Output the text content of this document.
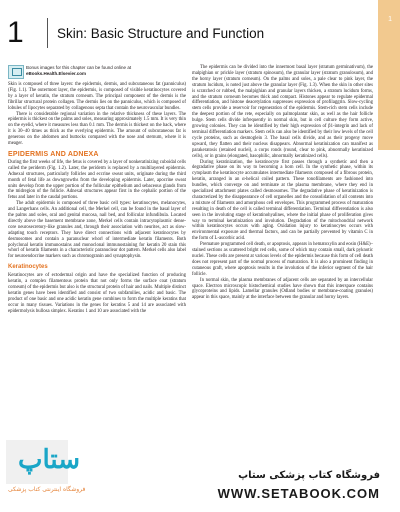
1 Skin: Basic Structure and Function
1
Bonus images for this chapter can be found online at
eBooks.Health.Elsevier.com

Skin is composed of three layers: the epidermis, dermis, and subcutaneous fat (panniculus) (Fig. 1.1). The outermost layer, the epidermis, is composed of visible keratinocytes covered by a layer of keratin, the stratum corneum. The principal component of the dermis is the fibrillar structural protein collagen. The dermis lies on the panniculus, which is composed of lobules of lipocytes separated by collagenous septa that contain the neurovascular bundles.

There is considerable regional variation in the relative thickness of these layers. The epidermis is thickest on the palms and soles, measuring approximately 1.5 mm. It is very thin on the eyelid, where it measures less than 0.1 mm. The dermis is thickest on the back, where it is 30–40 times as thick as the overlying epidermis. The amount of subcutaneous fat is generous on the abdomen and buttocks compared with the nose and sternum, where it is meager.

EPIDERMIS AND ADNEXA

During the first weeks of life, the fetus is covered by a layer of nonkeratinizing cuboidal cells called the periderm (Fig. 1.2). Later, the periderm is replaced by a multilayered epidermis. Adnexal structures, particularly follicles and eccrine sweat units, originate during the third month of fetal life as downgrowths from the developing epidermis. Later, apocrine sweat units develop from the upper portion of the follicular epithelium and sebaceous glands from the midregion of the follicle. Adnexal structures appear first in the cephalic portion of the fetus and later in the caudal portions.

The adult epidermis is composed of three basic cell types: keratinocytes, melanocytes, and Langerhans cells. An additional cell, the Merkel cell, can be found in the basal layer of the palms and soles, oral and genital mucosa, nail bed, and follicular infundibula. Located directly above the basement membrane zone, Merkel cells contain intracytoplasmic dense-core neurosecretory-like granules and, through their association with neurites, act as slow-adapting touch receptors. They have direct connections with adjacent keratinocytes by desmosomes and contain a paranuclear whorl of intermediate keratin filaments. Both polyclonal keratin immunostains and monoclonal immunostaining for keratin 20 stain this whorl of keratin filaments in a characteristic paranuclear dot pattern. Merkel cells also label for neuroendocrine markers such as chromogranin and synaptophysin.

Keratinocytes

Keratinocytes are of ectodermal origin and have the specialized function of producing keratin, a complex filamentous protein that not only forms the surface coat (stratum corneum) of the epidermis but also is the structural protein of hair and nails. Multiple distinct keratin genes have been identified and consist of two subfamilies, acidic and basic. The product of one basic and one acidic keratin gene combines to form the multiple keratins that occur in many tissues. Variations in the genes for keratins 5 and 14 are associated with epidermolysis bullosa simplex. Keratins 1 and 10 are associated with the

The epidermis can be divided into the innermost basal layer (stratum germinativum), the malpighian or prickle layer (stratum spinosum), the granular layer (stratum granulosum), and the horny layer (stratum corneum). On the palms and soles, a pale clear to pink layer, the stratum lucidum, is noted just above the granular layer (Fig. 1.3). When the skin in other sites is scratched or rubbed, the malpighian and granular layers thicken, a stratum lucidum forms, and the stratum corneum becomes thick and compact. Histones appear to regulate epidermal differentiation, and histone deacetylation suppresses expression of profilaggrin. Slow-cycling stem cells provide a reservoir for regeneration of the epidermis. Stem-rich stem cells include the deepest portion of the rete, especially on palmoplantar skin, as well as the hair follicle bulge. Stem cells divide infrequently in normal skin, but in cell culture they form active, growing colonies. They can be identified by their high expression of β1-integrin and lack of terminal differentiation markers. Stem cells can also be identified by their low levels of the cell cycle proteins, such as desmoglein 3. The basal cells divide, and as their progeny move upward, they flatten and their nucleus disappears. Abnormal keratinization can manifest as parakeratosis (retained nuclei), a corps ronds (round, clear to pink, abnormally keratinized cells), or in grains (elongated, basophilic, abnormally keratinized cells).

During keratinization, the keratinocyte first passes through a synthetic and then a degradative phase on its way to becoming a horn cell. In the synthetic phase, within its cytoplasm the keratinocyte accumulates intermediate filaments composed of a fibrous protein, keratin, arranged in an α-helical coiled pattern. These tonofilaments are fashioned into bundles, which converge on and terminate at the plasma membrane, where they end in specialized attachment plates called desmosomes. The degradative phase of keratinization is characterized by the disappearance of cell organelles and the consolidation of all contents into a mixture of filaments and amorphous cell envelopes. This programmed process of maturation resulting in death of the cell is called terminal differentiation. Terminal differentiation is also seen in the involuting stage of keratinohyalines, where the initial phase of proliferation gives way to terminal keratinization and involution. Degradation of the mitochondrial network within keratinocytes occurs with aging. Oxidation injury to keratinocytes occurs with environmental exposure and thermal factors, and can be partially prevented by vitamin C in the form of L-ascorbic acid.

Premature programmed cell death, or apoptosis, appears in hematoxylin and eosin (H&E)–stained sections as scattered bright red cells, some of which may contain small, dark pyknotic nuclei. These cells are present at various levels of the epidermis because this form of cell death does not represent part of the normal process of maturation. It is also a prominent finding in cutaneous graft, where apoptosis results in the involution of the inferior segment of the hair follicle.

In normal skin, the plasma membranes of adjacent cells are separated by an intercellular space. Electron microscopic histochemical studies have shown that this interspace contains glycoproteins and lipids. Lamellar granules (Odland bodies or membrane-coating granules) appear in this space, mainly at the interface between the granular and horny layers.

ستاپ
فروشگاه اینترنتی کتاب پزشکی
فروشگاه کتاب پزشکی ستاپ
WWW.SETABOOK.COM
